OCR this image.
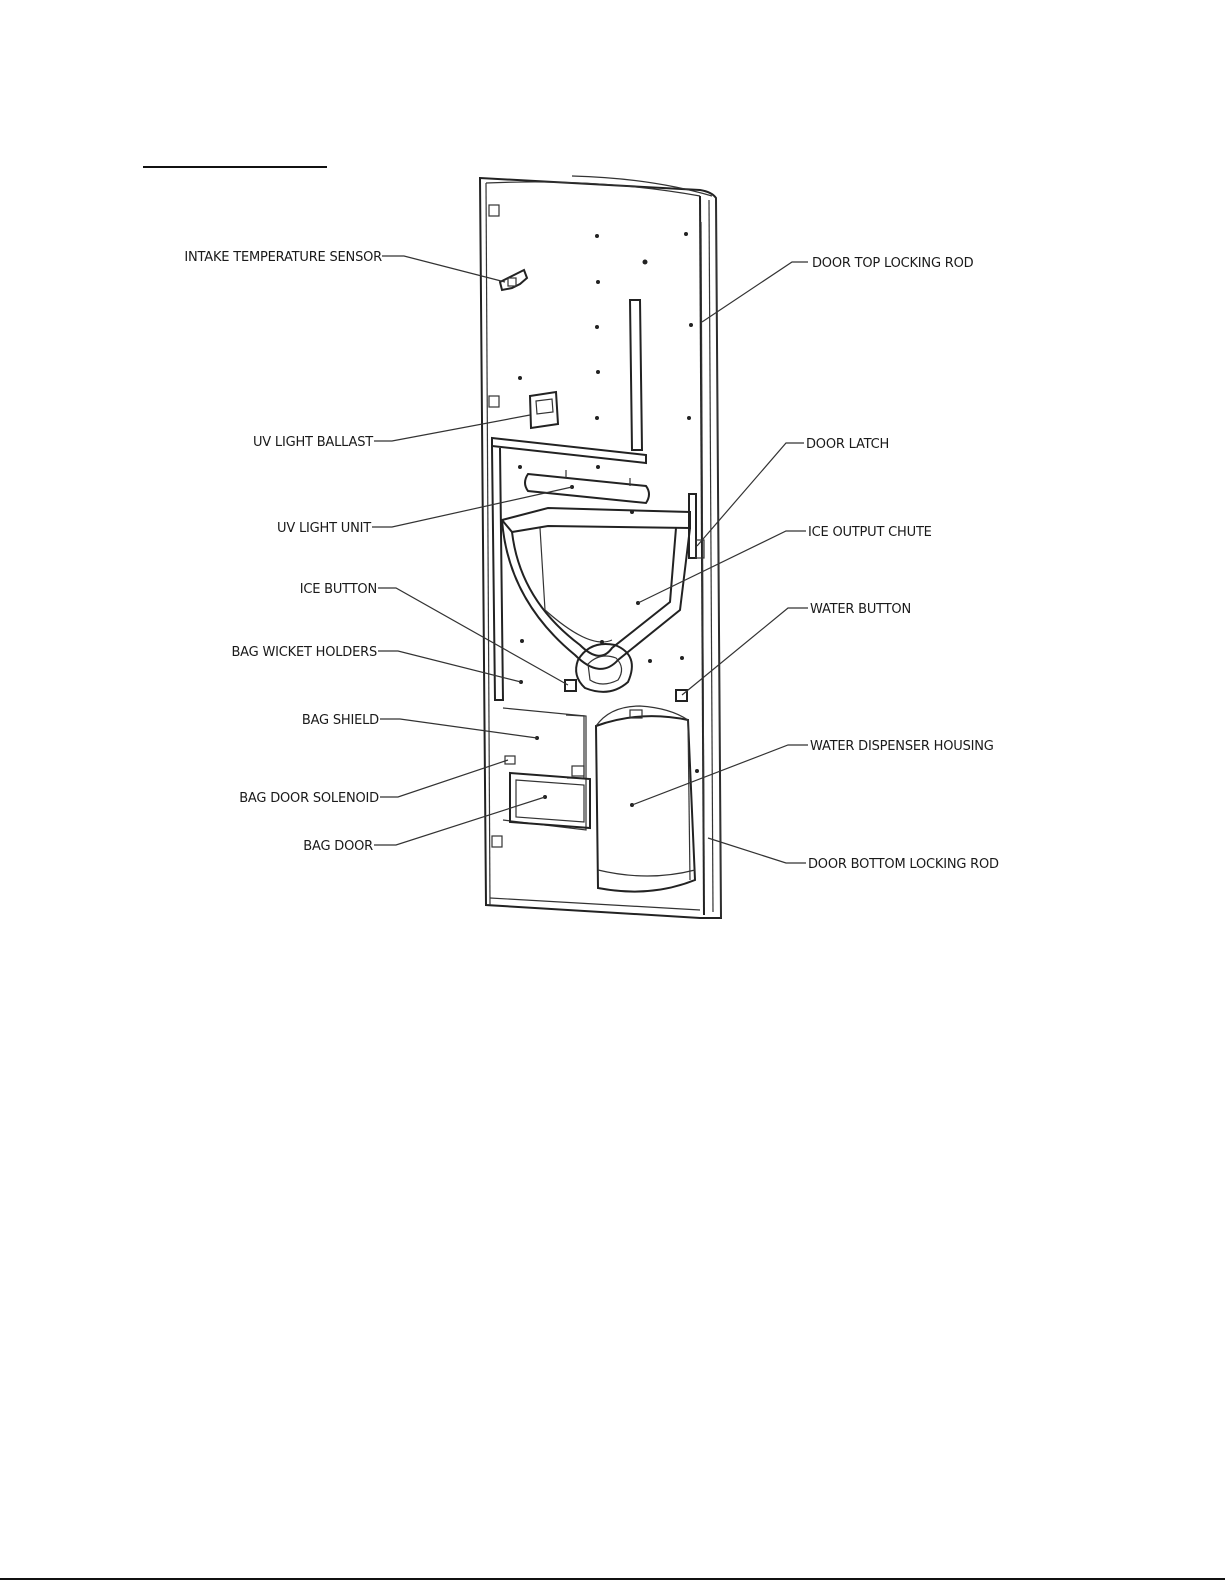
INTAKE TEMPERATURE SENSOR
UV LIGHT BALLAST
UV LIGHT UNIT
ICE BUTTON
BAG WICKET HOLDERS
BAG SHIELD
BAG DOOR SOLENOID
BAG DOOR
DOOR TOP LOCKING ROD
DOOR LATCH
ICE OUTPUT CHUTE
WATER BUTTON
WATER DISPENSER HOUSING
DOOR BOTTOM LOCKING ROD
